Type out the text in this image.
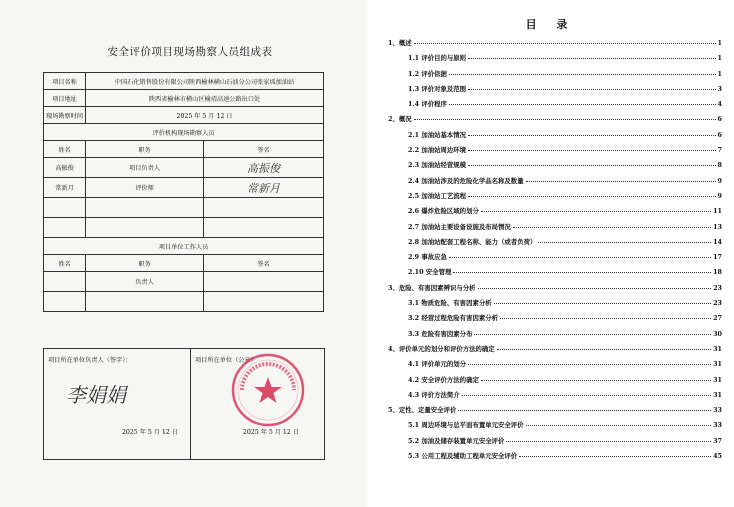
安全评价项目现场勘察人员组成表
项目名称	中国石化销售股份有限公司陕西榆林横山石油分公司张家坬加油站	
项目地址	陕西省榆林市横山区榆靖高速公路出口处	
现场勘察时间	2025 年 5 月 12 日	
评价机构现场勘察人员		
姓名	职务	签名
高振俊	项目负责人	高振俊
常新月	评价师	常新月

项目单位工作人员		
姓名	职务	签名
	负责人	

项目所在单位负责人（签字）：
李娟娟
2025 年 5 月 12 日
项目所在单位（公章）
2025 年 5 月 12 日
目 录
1、概述	1
1.1 评价目的与原则	1
1.2 评价依据	1
1.3 评价对象及范围	3
1.4 评价程序	4
2、概况	6
2.1 加油站基本情况	6
2.2 加油站周边环境	7
2.3 加油站经营规模	8
2.4 加油站涉及的危险化学品名称及数量	9
2.5 加油站工艺流程	9
2.6 爆炸危险区域的划分	11
2.7 加油站主要设备设施及布局情况	13
2.8 加油站配套工程名称、能力（或者负荷）	14
2.9 事故应急	17
2.10 安全管理	18
3、危险、有害因素辨识与分析	23
3.1 物质危险、有害因素分析	23
3.2 经营过程危险有害因素分析	27
3.3 危险有害因素分布	30
4、评价单元的划分和评价方法的确定	31
4.1 评价单元的划分	31
4.2 安全评价方法的确定	31
4.3 评价方法简介	31
5、定性、定量安全评价	33
5.1 周边环境与总平面布置单元安全评价	33
5.2 加油及储存装置单元安全评价	37
5.3 公用工程及辅助工程单元安全评价	45
